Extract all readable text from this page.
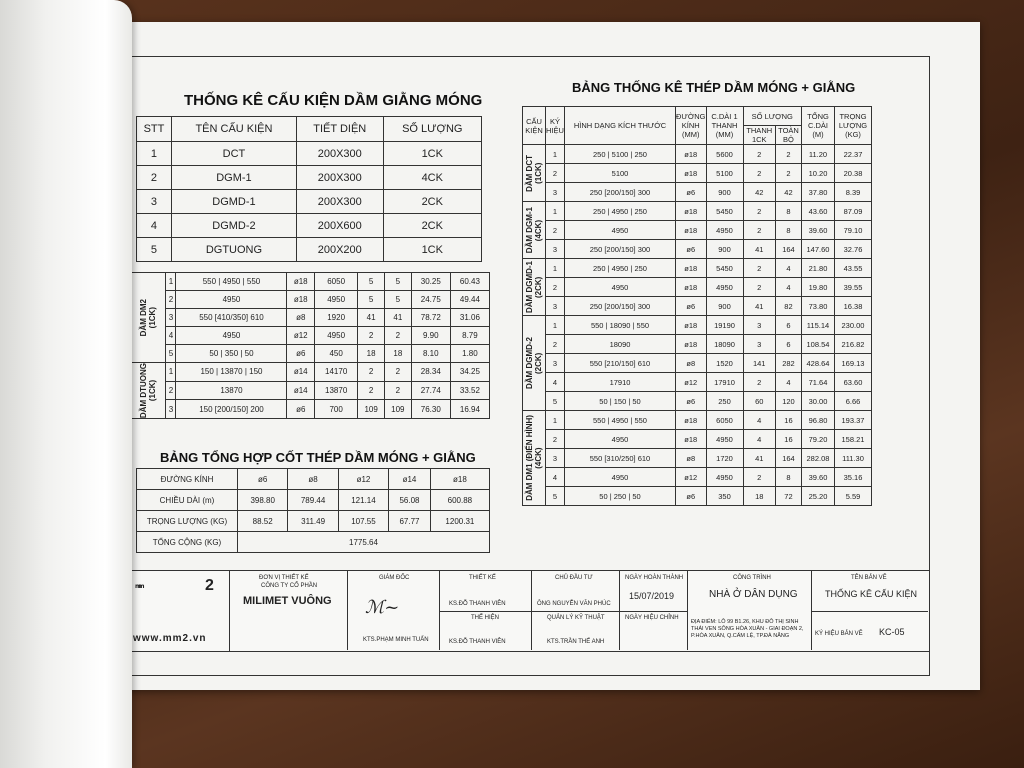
THỐNG KÊ CẤU KIỆN DẦM GIẰNG MÓNG
STT	TÊN CẤU KIỆN	TIẾT DIỆN	SỐ LƯỢNG
1	DCT	200X300	1CK
2	DGM-1	200X300	4CK
3	DGMD-1	200X300	2CK
4	DGMD-2	200X600	2CK
5	DGTUONG	200X200	1CK
DẦM DM2 (1CK)	1	550 | 4950 | 550	ø18	6050	5	5	30.25	60.43
	2	4950	ø18	4950	5	5	24.75	49.44
	3	550 [410/350] 610	ø8	1920	41	41	78.72	31.06
	4	4950	ø12	4950	2	2	9.90	8.79
	5	50 | 350 | 50	ø6	450	18	18	8.10	1.80

DẦM DTUONG (1CK)	1	150 | 13870 | 150	ø14	14170	2	2	28.34	34.25
	2	13870	ø14	13870	2	2	27.74	33.52
	3	150 [200/150] 200	ø6	700	109	109	76.30	16.94
BẢNG TỔNG HỢP CỐT THÉP DẦM MÓNG + GIẰNG
ĐƯỜNG KÍNH	ø6	ø8	ø12	ø14	ø18
CHIỀU DÀI (m)	398.80	789.44	121.14	56.08	600.88
TRỌNG LƯỢNG (KG)	88.52	311.49	107.55	67.77	1200.31
TỔNG CỘNG (KG)	1775.64				
BẢNG THỐNG KÊ THÉP DẦM MÓNG + GIẰNG
CẤU KIỆN	KÝ HIỆU	HÌNH DẠNG KÍCH THƯỚC	ĐƯỜNG KÍNH (MM)	C.DÀI 1 THANH (MM)	SỐ LƯỢNG		TỔNG C.DÀI (M)	TRỌNG LƯỢNG (KG)
					THANH 1CK	TOÀN BỘ		

DẦM DCT (1CK)	1	250 | 5100 | 250	ø18	5600	2	2	11.20	22.37
	2	5100	ø18	5100	2	2	10.20	20.38
	3	250 [200/150] 300	ø6	900	42	42	37.80	8.39

DẦM DGM-1 (4CK)	1	250 | 4950 | 250	ø18	5450	2	8	43.60	87.09
	2	4950	ø18	4950	2	8	39.60	79.10
	3	250 [200/150] 300	ø6	900	41	164	147.60	32.76

DẦM DGMD-1 (2CK)	1	250 | 4950 | 250	ø18	5450	2	4	21.80	43.55
	2	4950	ø18	4950	2	4	19.80	39.55
	3	250 [200/150] 300	ø6	900	41	82	73.80	16.38

DẦM DGMD-2 (2CK)	1	550 | 18090 | 550	ø18	19190	3	6	115.14	230.00
	2	18090	ø18	18090	3	6	108.54	216.82
	3	550 [210/150] 610	ø8	1520	141	282	428.64	169.13
	4	17910	ø12	17910	2	4	71.64	63.60
	5	50 | 150 | 50	ø6	250	60	120	30.00	6.66

DẦM DM1 (ĐIỂN HÌNH) (4CK)	1	550 | 4950 | 550	ø18	6050	4	16	96.80	193.37
	2	4950	ø18	4950	4	16	79.20	158.21
	3	550 [310/250] 610	ø8	1720	41	164	282.08	111.30
	4	4950	ø12	4950	2	8	39.60	35.16
	5	50 | 250 | 50	ø6	350	18	72	25.20	5.59
mm	2
www.mm2.vn
ĐƠN VỊ THIẾT KẾ
CÔNG TY CỔ PHẦN
MILIMET VUÔNG
GIÁM ĐỐC
ℳ~
KTS.PHẠM MINH TUẤN
THIẾT KẾ
KS.ĐỖ THANH VIÊN
THỂ HIỆN
KS.ĐỖ THANH VIÊN
CHỦ ĐẦU TƯ
ÔNG NGUYỄN VĂN PHÚC
QUẢN LÝ KỸ THUẬT
KTS.TRẦN THẾ ANH
NGÀY HOÀN THÀNH
15/07/2019
NGÀY HIỆU CHỈNH
CÔNG TRÌNH
NHÀ Ở DÂN DỤNG
ĐỊA ĐIỂM: LÔ 99 B1.26, KHU ĐÔ THỊ SINH THÁI VEN SÔNG HÒA XUÂN - GIAI ĐOẠN 2, P.HÒA XUÂN, Q.CẨM LỆ, TP.ĐÀ NẴNG
TÊN BẢN VẼ
THỐNG KÊ CẤU KIỆN
KÝ HIỆU BẢN VẼ KC-05
